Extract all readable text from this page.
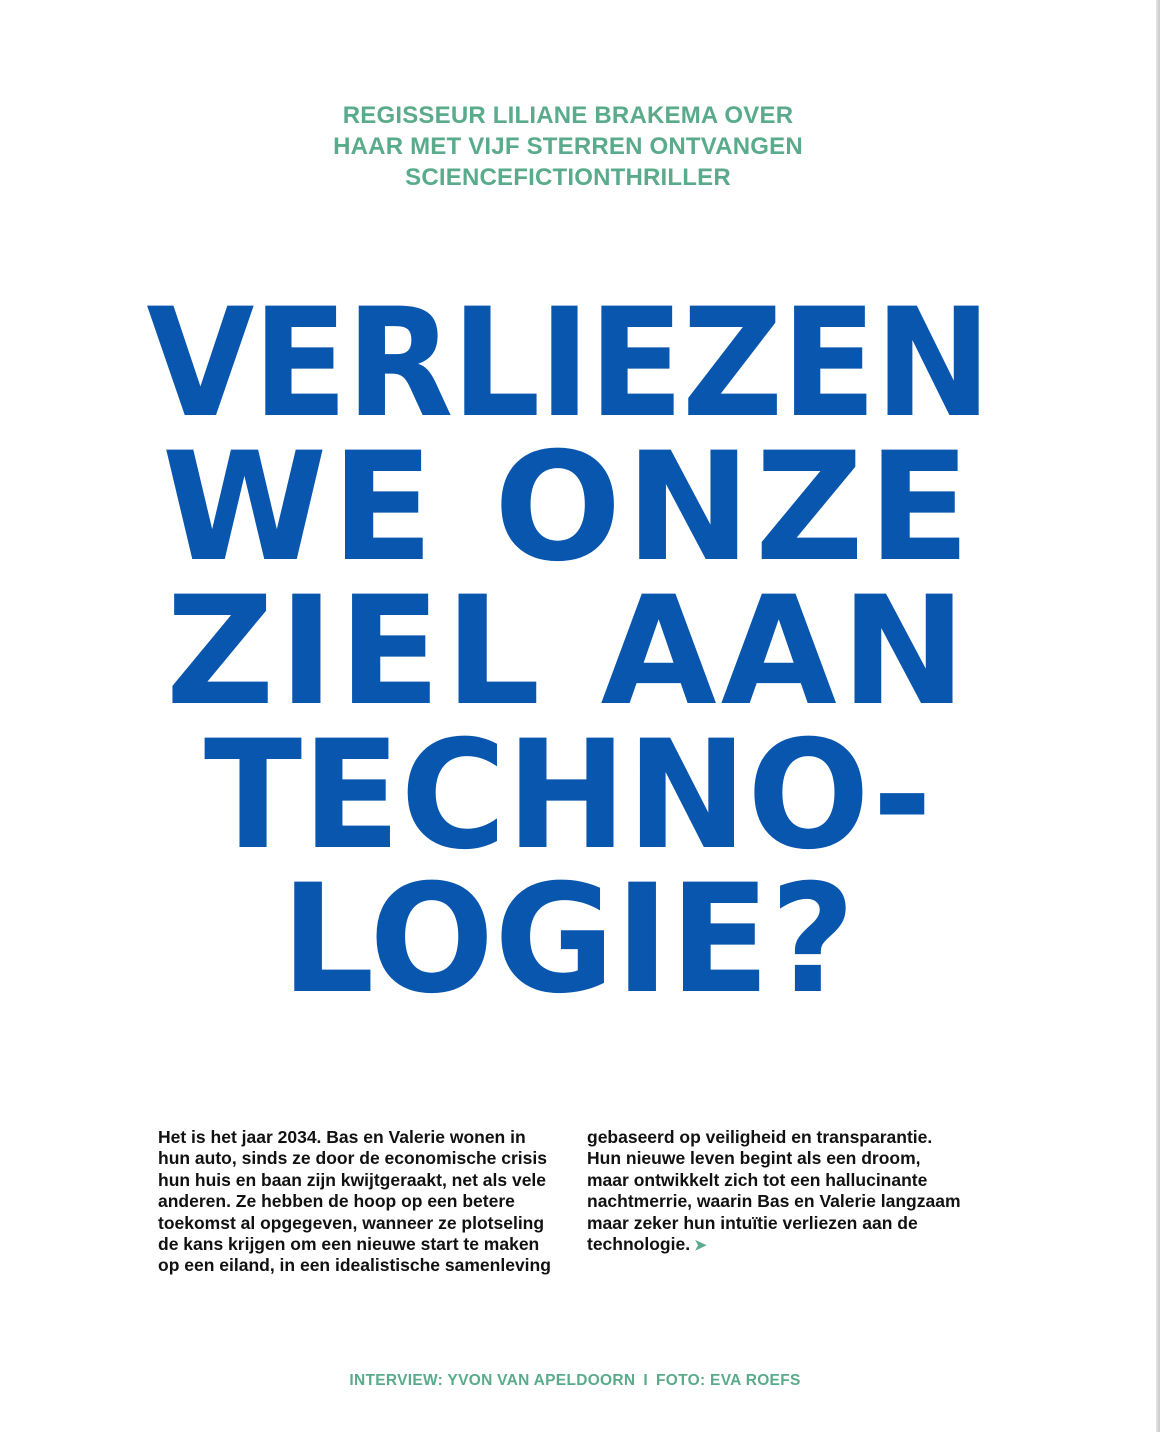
REGISSEUR LILIANE BRAKEMA OVER
HAAR MET VIJF STERREN ONTVANGEN
SCIENCEFICTIONTHRILLER
VERLIEZEN
WE ONZE
ZIEL AAN
TECHNO-
LOGIE?
Het is het jaar 2034. Bas en Valerie wonen in
hun auto, sinds ze door de economische crisis
hun huis en baan zijn kwijtgeraakt, net als vele
anderen. Ze hebben de hoop op een betere
toekomst al opgegeven, wanneer ze plotseling
de kans krijgen om een nieuwe start te maken
op een eiland, in een idealistische samenleving
gebaseerd op veiligheid en transparantie.
Hun nieuwe leven begint als een droom,
maar ontwikkelt zich tot een hallucinante
nachtmerrie, waarin Bas en Valerie langzaam
maar zeker hun intuïtie verliezen aan de
technologie. ➤
INTERVIEW: YVON VAN APELDOORN I FOTO: EVA ROEFS
